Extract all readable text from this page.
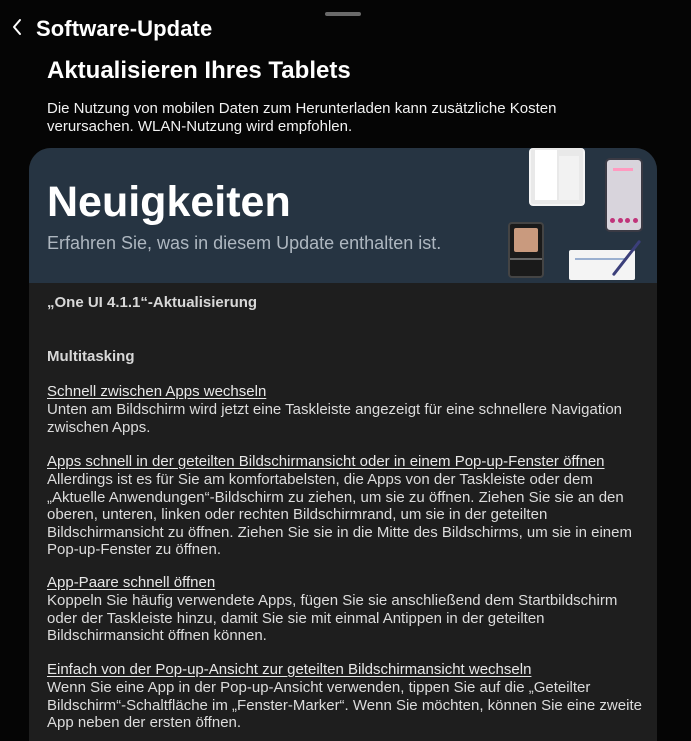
Software-Update
Aktualisieren Ihres Tablets
Die Nutzung von mobilen Daten zum Herunterladen kann zusätzliche Kosten verursachen. WLAN-Nutzung wird empfohlen.
Neuigkeiten
Erfahren Sie, was in diesem Update enthalten ist.
„One UI 4.1.1“-Aktualisierung
Multitasking
Schnell zwischen Apps wechseln
Unten am Bildschirm wird jetzt eine Taskleiste angezeigt für eine schnellere Navigation zwischen Apps.
Apps schnell in der geteilten Bildschirmansicht oder in einem Pop-up-Fenster öffnen
Allerdings ist es für Sie am komfortabelsten, die Apps von der Taskleiste oder dem „Aktuelle Anwendungen“-Bildschirm zu ziehen, um sie zu öffnen. Ziehen Sie sie an den oberen, unteren, linken oder rechten Bildschirmrand, um sie in der geteilten Bildschirmansicht zu öffnen. Ziehen Sie sie in die Mitte des Bildschirms, um sie in einem Pop-up-Fenster zu öffnen.
App-Paare schnell öffnen
Koppeln Sie häufig verwendete Apps, fügen Sie sie anschließend dem Startbildschirm oder der Taskleiste hinzu, damit Sie sie mit einmal Antippen in der geteilten Bildschirmansicht öffnen können.
Einfach von der Pop-up-Ansicht zur geteilten Bildschirmansicht wechseln
Wenn Sie eine App in der Pop-up-Ansicht verwenden, tippen Sie auf die „Geteilter Bildschirm“-Schaltfläche im „Fenster-Marker“. Wenn Sie möchten, können Sie eine zweite App neben der ersten öffnen.
